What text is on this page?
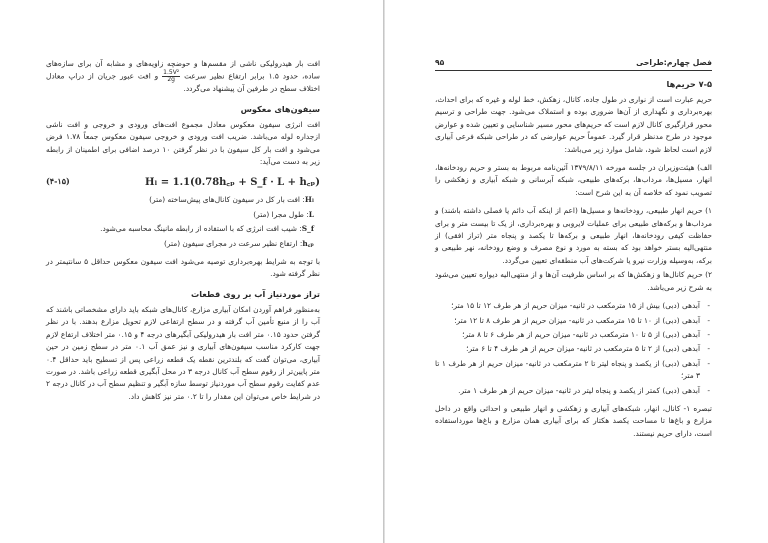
افت بار هیدرولیکی ناشی از مقسم‌ها و حوضچه زاویه‌های و مشابه آن برای سازه‌های ساده، حدود ۱.۵ برابر ارتفاع نظیر سرعت
$\frac{\text{1.5V²}}{2g}$
و افت عبور جریان از دراپ معادل اختلاف سطح در طرفین آن پیشنهاد می‌گردد.

سیفون‌های معکوس

افت انرژی سیفون معکوس معادل مجموع افت‌های ورودی و خروجی و افت ناشی ازجداره لوله می‌باشد. ضریب افت ورودی و خروجی سیفون معکوس جمعاً ۱.۷۸ فرض می‌شود و افت بار کل سیفون با در نظر گرفتن ۱۰ درصد اضافی برای اطمینان از رابطه زیر به دست می‌آید:

(۴-۱۵)	Hₗ = 1.1(0.78h꜀ₚ + S_f · L + h꜀ₚ)

Hₗ: افت بار کل در سیفون کانال‌های پیش‌ساخته (متر)

L: طول مجرا (متر)

S_f: شیب افت انرژی که با استفاده از رابطه مانینگ محاسبه می‌شود.

h꜀ₚ: ارتفاع نظیر سرعت در مجرای سیفون (متر)

با توجه به شرایط بهره‌برداری توصیه می‌شود افت سیفون معکوس حداقل ۵ سانتیمتر در نظر گرفته شود.

تراز موردنیاز آب بر روی قطعات

به‌منظور فراهم آوردن امکان آبیاری مزارع، کانال‌های شبکه باید دارای مشخصاتی باشند که آب را از منبع تأمین آب گرفته و در سطح ارتفاعی لازم تحویل مزارع بدهند. با در نظر گرفتن حدود ۰.۱۵ متر افت بار هیدرولیکی آبگیرهای درجه ۴ و ۰.۱۵ متر اختلاف ارتفاع لازم جهت کارکرد مناسب سیفون‌های آبیاری و نیز عمق آب ۰.۱ متر در سطح زمین در حین آبیاری، می‌توان گفت که بلندترین نقطه یک قطعه زراعی پس از تسطیح باید حداقل ۰.۴ متر پایین‌تر از رقوم سطح آب کانال درجه ۳ در محل آبگیری قطعه زراعی باشد. در صورت عدم کفایت رقوم سطح آب موردنیاز توسط سازه آبگیر و تنظیم سطح آب در کانال درجه ۲ در شرایط خاص می‌توان این مقدار را تا ۰.۲ متر نیز کاهش داد.

فصل چهارم:طراحی
۹۵
۷-۵ حریم‌ها

حریم عبارت است از نواری در طول جاده، کانال، زهکش، خط لوله و غیره که برای احداث، بهره‌برداری و نگهداری از آن‌ها ضروری بوده و استملاک می‌شود. جهت طراحی و ترسیم محور قرارگیری کانال لازم است که حریم‌های محور مسیر شناسایی و تعیین شده و عوارض موجود در طرح مدنظر قرار گیرد. عموماً حریم عوارضی که در طراحی شبکه فرعی آبیاری لازم است لحاظ شود، شامل موارد زیر می‌باشد:

الف) هیئت‌وزیران در جلسه مورخه ۱۳۷۹/۸/۱۱ آئین‌نامه مربوط به بستر و حریم رودخانه‌ها، انهار، مسیل‌ها، مرداب‌ها، برکه‌های طبیعی، شبکه آبرسانی و شبکه آبیاری و زهکشی را تصویب نمود که خلاصه آن به این شرح است:

۱) حریم انهار طبیعی، رودخانه‌ها و مسیل‌ها (اعم از اینکه آب دائم یا فصلی داشته باشند) و مرداب‌ها و برکه‌های طبیعی برای عملیات لایروبی و بهره‌برداری، از یک تا بیست متر و برای حفاظت کیفی رودخانه‌ها، انهار طبیعی و برکه‌ها تا یکصد و پنجاه متر (تراز افقی) از منتهی‌الیه بستر خواهد بود که بسته به مورد و نوع مصرف و وضع رودخانه، نهر طبیعی و برکه، به‌وسیله وزارت نیرو یا شرکت‌های آب منطقه‌ای تعیین می‌گردد.
۲) حریم کانال‌ها و زهکش‌ها که بر اساس ظرفیت آن‌ها و از منتهی‌الیه دیواره تعیین می‌شود به شرح زیر می‌باشد.
- آبدهی (دبی) بیش از ۱۵ مترمکعب در ثانیه- میزان حریم از هر طرف ۱۲ تا ۱۵ متر؛
- آبدهی (دبی) از ۱۰ تا ۱۵ مترمکعب در ثانیه- میزان حریم از هر طرف ۸ تا ۱۲ متر؛
- آبدهی (دبی) از ۵ تا ۱۰ مترمکعب در ثانیه- میزان حریم از هر طرف ۶ تا ۸ متر؛
- آبدهی (دبی) از ۲ تا ۵ مترمکعب در ثانیه- میزان حریم از هر طرف ۴ تا ۶ متر؛
- آبدهی (دبی) از یکصد و پنجاه لیتر تا ۲ مترمکعب در ثانیه- میزان حریم از هر طرف ۱ تا ۳ متر؛
- آبدهی (دبی) کمتر از یکصد و پنجاه لیتر در ثانیه- میزان حریم از هر طرف ۱ متر.

تبصره ۱- کانال، انهار، شبکه‌های آبیاری و زهکشی و انهار طبیعی و احداثی واقع در داخل مزارع و باغ‌ها تا مساحت یکصد هکتار که برای آبیاری همان مزارع و باغ‌ها مورداستفاده است، دارای حریم نیستند.
